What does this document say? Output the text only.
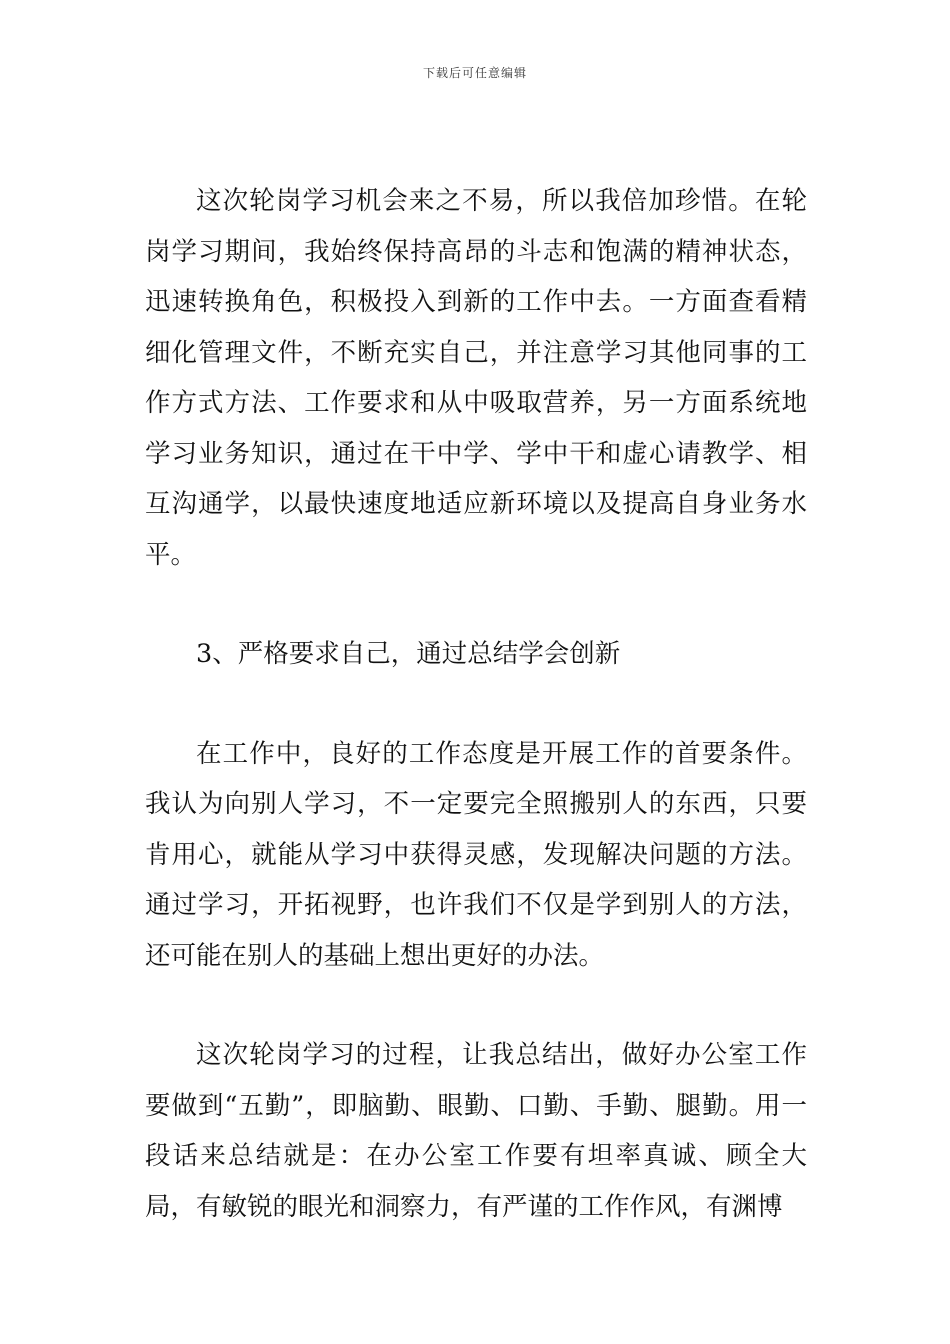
下载后可任意编辑

这次轮岗学习机会来之不易，所以我倍加珍惜。在轮岗学习期间，我始终保持高昂的斗志和饱满的精神状态，迅速转换角色，积极投入到新的工作中去。一方面查看精细化管理文件，不断充实自己，并注意学习其他同事的工作方式方法、工作要求和从中吸取营养，另一方面系统地学习业务知识，通过在干中学、学中干和虚心请教学、相互沟通学，以最快速度地适应新环境以及提高自身业务水平。

3、严格要求自己，通过总结学会创新

在工作中，良好的工作态度是开展工作的首要条件。我认为向别人学习，不一定要完全照搬别人的东西，只要肯用心，就能从学习中获得灵感，发现解决问题的方法。通过学习，开拓视野，也许我们不仅是学到别人的方法，还可能在别人的基础上想出更好的办法。

这次轮岗学习的过程，让我总结出，做好办公室工作要做到“五勤”，即脑勤、眼勤、口勤、手勤、腿勤。用一段话来总结就是：在办公室工作要有坦率真诚、顾全大局，有敏锐的眼光和洞察力，有严谨的工作作风，有渊博
